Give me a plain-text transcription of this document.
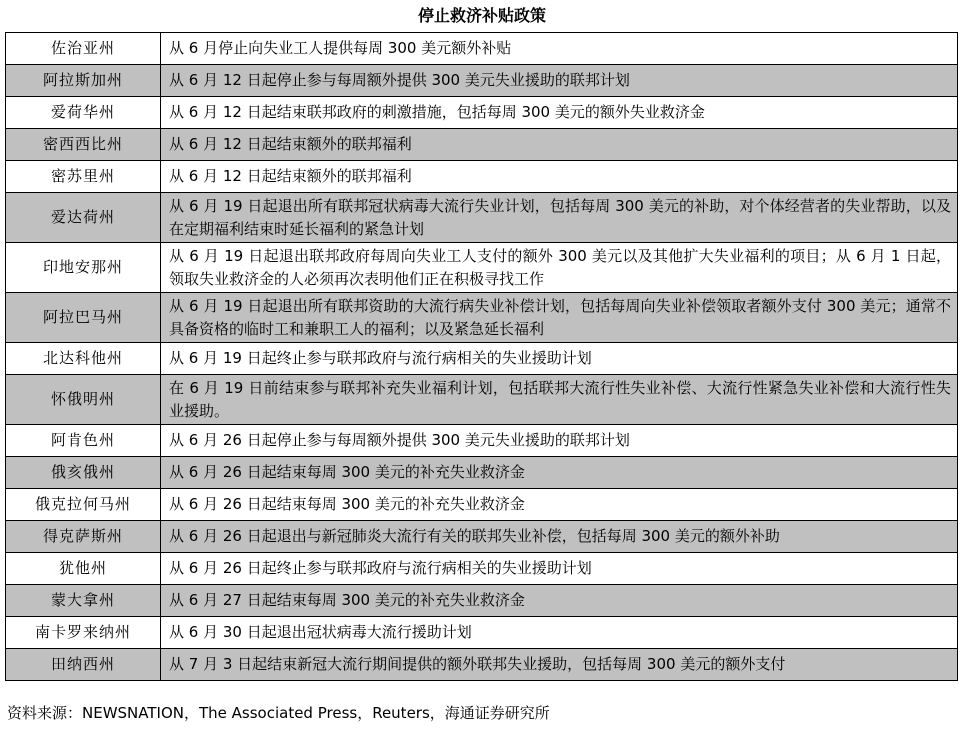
停止救济补贴政策
佐治亚州	从 6 月停止向失业工人提供每周 300 美元额外补贴
阿拉斯加州	从 6 月 12 日起停止参与每周额外提供 300 美元失业援助的联邦计划
爱荷华州	从 6 月 12 日起结束联邦政府的刺激措施，包括每周 300 美元的额外失业救济金
密西西比州	从 6 月 12 日起结束额外的联邦福利
密苏里州	从 6 月 12 日起结束额外的联邦福利
爱达荷州	从 6 月 19 日起退出所有联邦冠状病毒大流行失业计划，包括每周 300 美元的补助，对个体经营者的失业帮助，以及在定期福利结束时延长福利的紧急计划
印地安那州	从 6 月 19 日起退出联邦政府每周向失业工人支付的额外 300 美元以及其他扩大失业福利的项目；从 6 月 1 日起，领取失业救济金的人必须再次表明他们正在积极寻找工作
阿拉巴马州	从 6 月 19 日起退出所有联邦资助的大流行病失业补偿计划，包括每周向失业补偿领取者额外支付 300 美元；通常不具备资格的临时工和兼职工人的福利；以及紧急延长福利
北达科他州	从 6 月 19 日起终止参与联邦政府与流行病相关的失业援助计划
怀俄明州	在 6 月 19 日前结束参与联邦补充失业福利计划，包括联邦大流行性失业补偿、大流行性紧急失业补偿和大流行性失业援助。
阿肯色州	从 6 月 26 日起停止参与每周额外提供 300 美元失业援助的联邦计划
俄亥俄州	从 6 月 26 日起结束每周 300 美元的补充失业救济金
俄克拉何马州	从 6 月 26 日起结束每周 300 美元的补充失业救济金
得克萨斯州	从 6 月 26 日起退出与新冠肺炎大流行有关的联邦失业补偿，包括每周 300 美元的额外补助
犹他州	从 6 月 26 日起终止参与联邦政府与流行病相关的失业援助计划
蒙大拿州	从 6 月 27 日起结束每周 300 美元的补充失业救济金
南卡罗来纳州	从 6 月 30 日起退出冠状病毒大流行援助计划
田纳西州	从 7 月 3 日起结束新冠大流行期间提供的额外联邦失业援助，包括每周 300 美元的额外支付
资料来源：NEWSNATION，The Associated Press，Reuters，海通证券研究所
